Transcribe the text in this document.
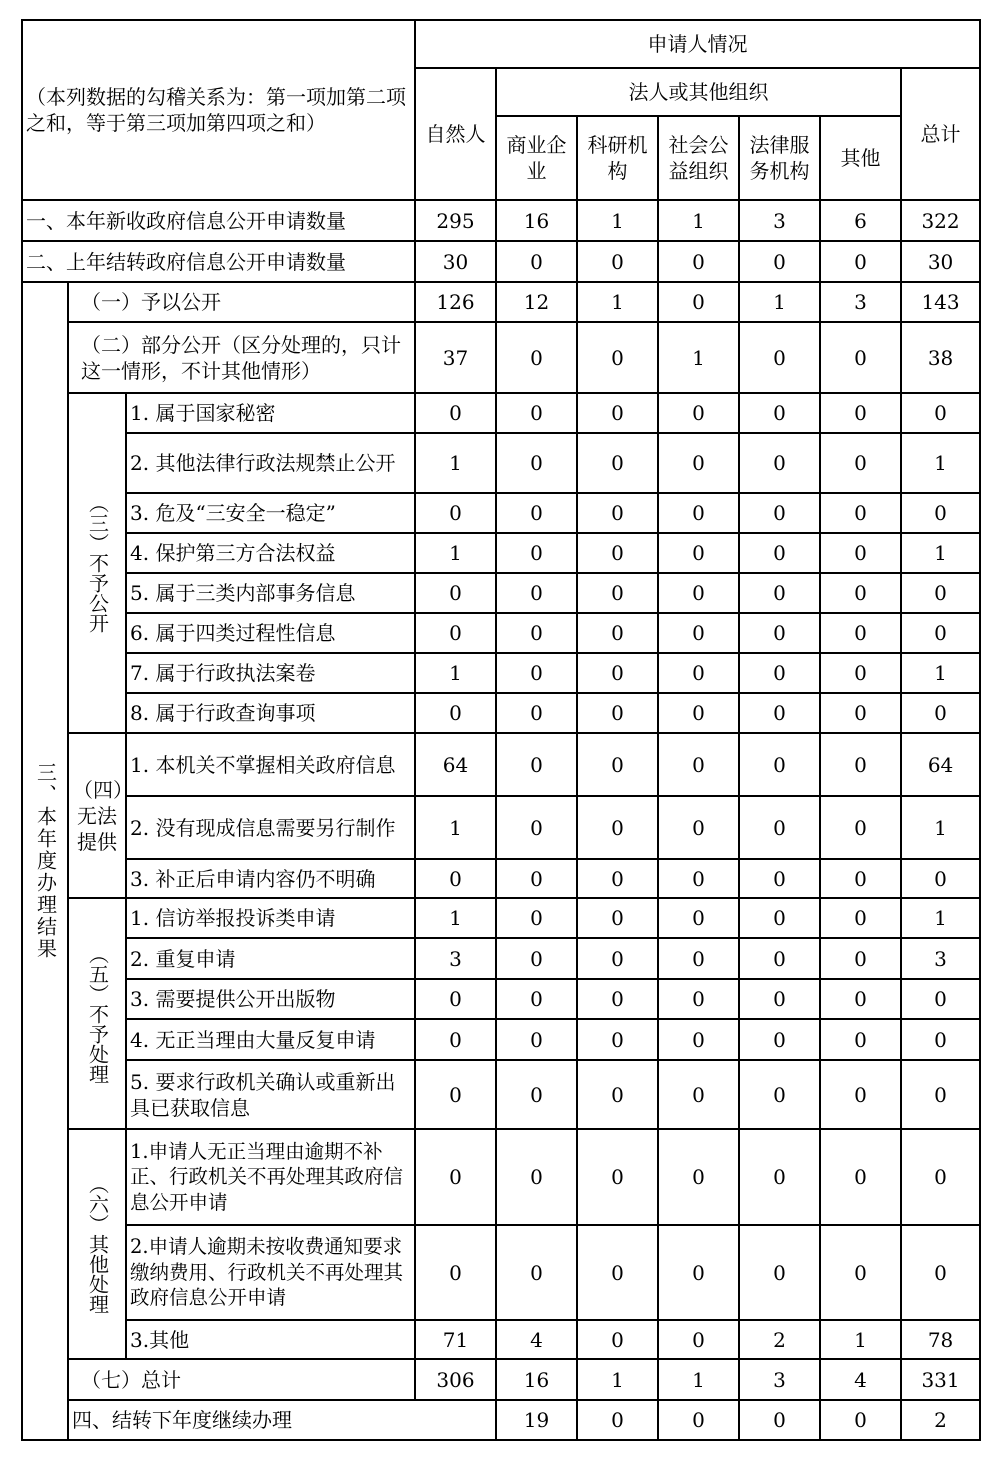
（本列数据的勾稽关系为：第一项加第二项之和，等于第三项加第四项之和）			申请人情况							
			自然人	法人或其他组织					总计	
				商业企业	科研机构	社会公益组织	法律服务机构	其他		
一、本年新收政府信息公开申请数量			295	16	1	1	3	6	322	
二、上年结转政府信息公开申请数量			30	0	0	0	0	0	30	
三、本年度办理结果	（一）予以公开		126	12	1	0	1	3	143	
	（二）部分公开（区分处理的，只计这一情形，不计其他情形）		37	0	0	1	0	0	38	
	（三）不予公开	1. 属于国家秘密	0	0	0	0	0	0	0	
		2. 其他法律行政法规禁止公开	1	0	0	0	0	0	1	
		3. 危及“三安全一稳定”	0	0	0	0	0	0	0	
		4. 保护第三方合法权益	1	0	0	0	0	0	1	
		5. 属于三类内部事务信息	0	0	0	0	0	0	0	
		6. 属于四类过程性信息	0	0	0	0	0	0	0	
		7. 属于行政执法案卷	1	0	0	0	0	0	1	
		8. 属于行政查询事项	0	0	0	0	0	0	0	
	（四）无法提供	1. 本机关不掌握相关政府信息	64	0	0	0	0	0	64	
		2. 没有现成信息需要另行制作	1	0	0	0	0	0	1	
		3. 补正后申请内容仍不明确	0	0	0	0	0	0	0	
	（五）不予处理	1. 信访举报投诉类申请	1	0	0	0	0	0	1	
		2. 重复申请	3	0	0	0	0	0	3	
		3. 需要提供公开出版物	0	0	0	0	0	0	0	
		4. 无正当理由大量反复申请	0	0	0	0	0	0	0	
		5. 要求行政机关确认或重新出具已获取信息	0	0	0	0	0	0	0	
	（六）其他处理	1.申请人无正当理由逾期不补正、行政机关不再处理其政府信息公开申请	0	0	0	0	0	0	0	
		2.申请人逾期未按收费通知要求缴纳费用、行政机关不再处理其政府信息公开申请	0	0	0	0	0	0	0	
		3.其他	71	4	0	0	2	1	78	
	（七）总计		306	16	1	1	3	4	331	
	四、结转下年度继续办理			19	0	0	0	0	2	
